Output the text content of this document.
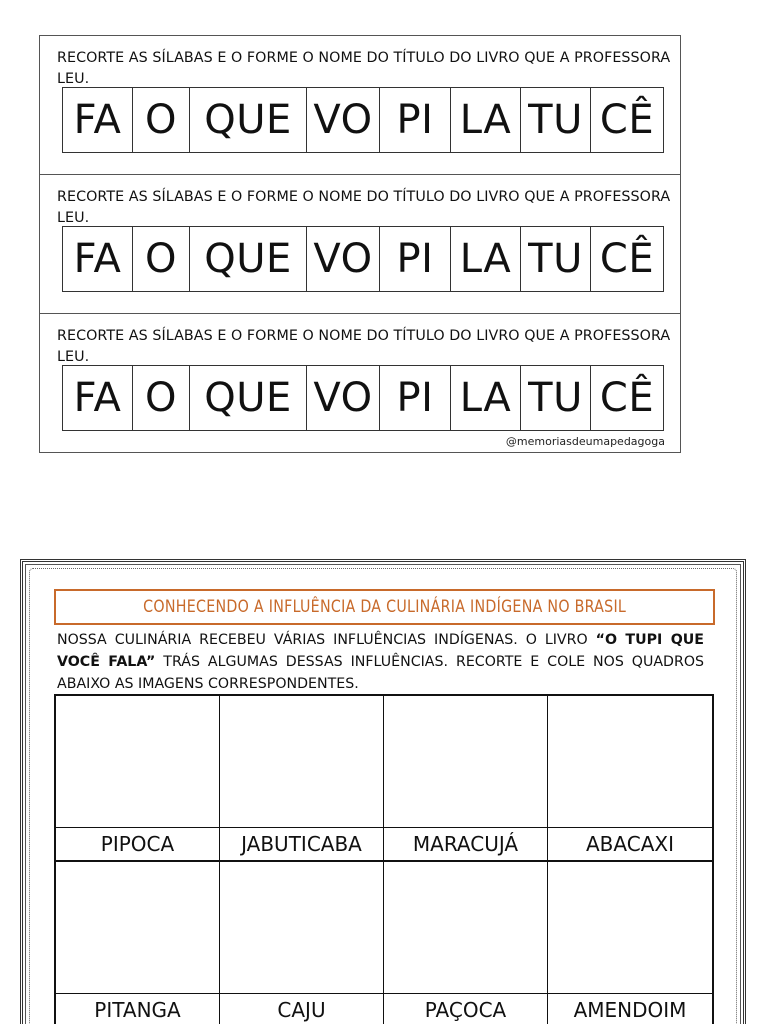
RECORTE AS SÍLABAS E O FORME O NOME DO TÍTULO DO LIVRO QUE A PROFESSORA LEU.

FA O QUE VO PI LA TU CÊ

RECORTE AS SÍLABAS E O FORME O NOME DO TÍTULO DO LIVRO QUE A PROFESSORA LEU.

FA O QUE VO PI LA TU CÊ

RECORTE AS SÍLABAS E O FORME O NOME DO TÍTULO DO LIVRO QUE A PROFESSORA LEU.

FA O QUE VO PI LA TU CÊ
@memoriasdeumapedagoga
CONHECENDO A INFLUÊNCIA DA CULINÁRIA INDÍGENA NO BRASIL

NOSSA CULINÁRIA RECEBEU VÁRIAS INFLUÊNCIAS INDÍGENAS. O LIVRO “O TUPI QUE VOCÊ FALA” TRÁS ALGUMAS DESSAS INFLUÊNCIAS. RECORTE E COLE NOS QUADROS ABAIXO AS IMAGENS CORRESPONDENTES.

PIPOCA	JABUTICABA	MARACUJÁ	ABACAXI
PITANGA	CAJU	PAÇOCA	AMENDOIM
